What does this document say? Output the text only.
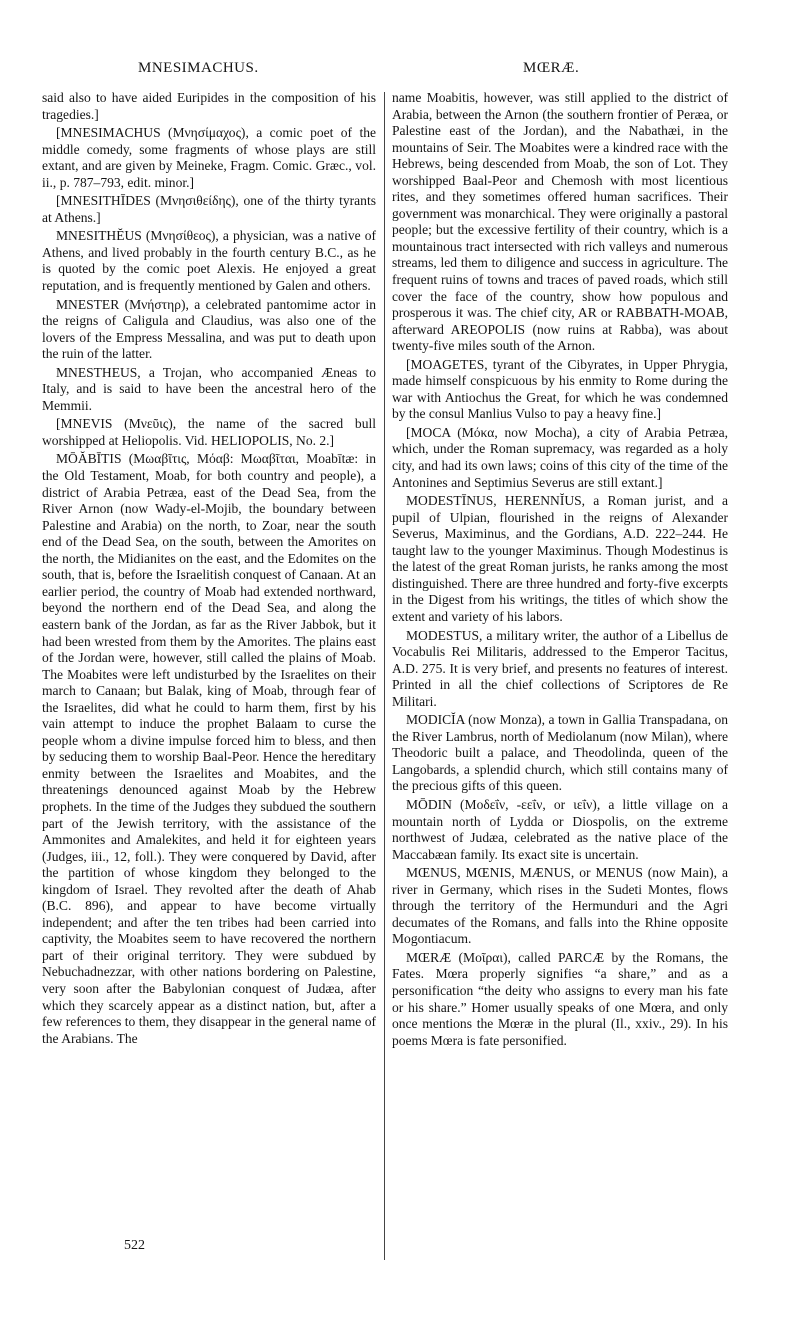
MNESIMACHUS.	MŒRÆ.

said also to have aided Euripides in the composition of his tragedies.]

[MNESIMACHUS (Μνησίμαχος), a comic poet of the middle comedy, some fragments of whose plays are still extant, and are given by Meineke, Fragm. Comic. Græc., vol. ii., p. 787–793, edit. minor.]

[MNESITHĪDES (Μνησιθείδης), one of the thirty tyrants at Athens.]

MNESITHĔUS (Μνησίθεος), a physician, was a native of Athens, and lived probably in the fourth century B.C., as he is quoted by the comic poet Alexis. He enjoyed a great reputation, and is frequently mentioned by Galen and others.

MNESTER (Μνήστηρ), a celebrated pantomime actor in the reigns of Caligula and Claudius, was also one of the lovers of the Empress Messalina, and was put to death upon the ruin of the latter.

MNESTHEUS, a Trojan, who accompanied Æneas to Italy, and is said to have been the ancestral hero of the Memmii.

[MNEVIS (Μνεῦις), the name of the sacred bull worshipped at Heliopolis. Vid. HELIOPOLIS, No. 2.]

MŌĂBĪTIS (Μωαβῖτις, Μόαβ: Μωαβῖται, Moabītæ: in the Old Testament, Moab, for both country and people), a district of Arabia Petræa, east of the Dead Sea, from the River Arnon (now Wady-el-Mojib, the boundary between Palestine and Arabia) on the north, to Zoar, near the south end of the Dead Sea, on the south, between the Amorites on the north, the Midianites on the east, and the Edomites on the south, that is, before the Israelitish conquest of Canaan. At an earlier period, the country of Moab had extended northward, beyond the northern end of the Dead Sea, and along the eastern bank of the Jordan, as far as the River Jabbok, but it had been wrested from them by the Amorites. The plains east of the Jordan were, however, still called the plains of Moab. The Moabites were left undisturbed by the Israelites on their march to Canaan; but Balak, king of Moab, through fear of the Israelites, did what he could to harm them, first by his vain attempt to induce the prophet Balaam to curse the people whom a divine impulse forced him to bless, and then by seducing them to worship Baal-Peor. Hence the hereditary enmity between the Israelites and Moabites, and the threatenings denounced against Moab by the Hebrew prophets. In the time of the Judges they subdued the southern part of the Jewish territory, with the assistance of the Ammonites and Amalekites, and held it for eighteen years (Judges, iii., 12, foll.). They were conquered by David, after the partition of whose kingdom they belonged to the kingdom of Israel. They revolted after the death of Ahab (B.C. 896), and appear to have become virtually independent; and after the ten tribes had been carried into captivity, the Moabites seem to have recovered the northern part of their original territory. They were subdued by Nebuchadnezzar, with other nations bordering on Palestine, very soon after the Babylonian conquest of Judæa, after which they scarcely appear as a distinct nation, but, after a few references to them, they disappear in the general name of the Arabians. The

name Moabitis, however, was still applied to the district of Arabia, between the Arnon (the southern frontier of Peræa, or Palestine east of the Jordan), and the Nabathæi, in the mountains of Seir. The Moabites were a kindred race with the Hebrews, being descended from Moab, the son of Lot. They worshipped Baal-Peor and Chemosh with most licentious rites, and they sometimes offered human sacrifices. Their government was monarchical. They were originally a pastoral people; but the excessive fertility of their country, which is a mountainous tract intersected with rich valleys and numerous streams, led them to diligence and success in agriculture. The frequent ruins of towns and traces of paved roads, which still cover the face of the country, show how populous and prosperous it was. The chief city, AR or RABBATH-MOAB, afterward AREOPOLIS (now ruins at Rabba), was about twenty-five miles south of the Arnon.

[MOAGETES, tyrant of the Cibyrates, in Upper Phrygia, made himself conspicuous by his enmity to Rome during the war with Antiochus the Great, for which he was condemned by the consul Manlius Vulso to pay a heavy fine.]

[MOCA (Μόκα, now Mocha), a city of Arabia Petræa, which, under the Roman supremacy, was regarded as a holy city, and had its own laws; coins of this city of the time of the Antonines and Septimius Severus are still extant.]

MODESTĪNUS, HERENNĬUS, a Roman jurist, and a pupil of Ulpian, flourished in the reigns of Alexander Severus, Maximinus, and the Gordians, A.D. 222–244. He taught law to the younger Maximinus. Though Modestinus is the latest of the great Roman jurists, he ranks among the most distinguished. There are three hundred and forty-five excerpts in the Digest from his writings, the titles of which show the extent and variety of his labors.

MODESTUS, a military writer, the author of a Libellus de Vocabulis Rei Militaris, addressed to the Emperor Tacitus, A.D. 275. It is very brief, and presents no features of interest. Printed in all the chief collections of Scriptores de Re Militari.

MODICĬA (now Monza), a town in Gallia Transpadana, on the River Lambrus, north of Mediolanum (now Milan), where Theodoric built a palace, and Theodolinda, queen of the Langobards, a splendid church, which still contains many of the precious gifts of this queen.

MŌDIN (Μοδεΐν, -εεΐν, or ιεΐν), a little village on a mountain north of Lydda or Diospolis, on the extreme northwest of Judæa, celebrated as the native place of the Maccabæan family. Its exact site is uncertain.

MŒNUS, MŒNIS, MÆNUS, or MENUS (now Main), a river in Germany, which rises in the Sudeti Montes, flows through the territory of the Hermunduri and the Agri decumates of the Romans, and falls into the Rhine opposite Mogontiacum.

MŒRÆ (Μοῖραι), called PARCÆ by the Romans, the Fates. Mœra properly signifies “a share,” and as a personification “the deity who assigns to every man his fate or his share.” Homer usually speaks of one Mœra, and only once mentions the Mœræ in the plural (Il., xxiv., 29). In his poems Mœra is fate personified.

522
